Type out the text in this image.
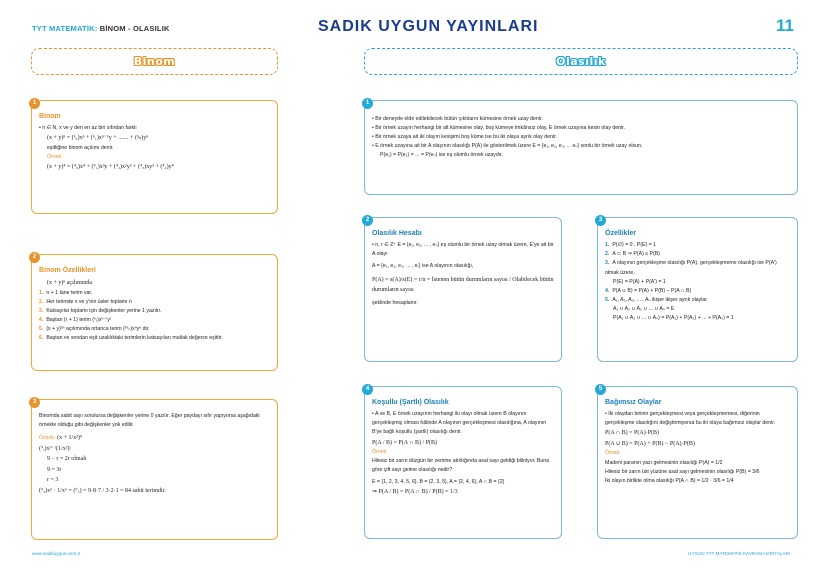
TYT MATEMATİK: BİNOM - OLASILIK	SADIK UYGUN YAYINLARI	11
Binom	Olasılık
1
Binom
• n ∈ N, x ve y den en az biri sıfırdan farklı
(x + y)ⁿ = (ⁿ₀)xⁿ + (ⁿ₁)xⁿ⁻¹y + ....... + (ⁿₙ)yⁿ
eşitliğine binom açılımı denir.
Örnek:
(x + y)⁴ = (⁴₀)x⁴ + (⁴₁)x³y + (⁴₂)x²y² + (⁴₃)xy³ + (⁴₄)y⁴
2
Binom Özellikleri
(x + y)ⁿ açılımında
1. n + 1 tane terim var.
2. Her terimde x ve y'nin üsler toplamı n
3. Katsayılar toplamı için değişkenler yerine 1 yazılır.
4. Baştan (r + 1) terim (ⁿᵣ)xⁿ⁻ʳyʳ
5. (x + y)²ⁿ açılımında ortanca terim (²ⁿₙ)xⁿyⁿ dir.
6. Baştan ve sondan eşit uzaklıktaki terimlerin katsayıları mutlak değerce eşittir.
3
Binomda sabit sayı sorulursa değişkenler yerine 0 yazılır. Eğer paydayı sıfır yapıyorsa aşağıdaki örnekte olduğu gibi değişkenler yok edilir.
Örnek: (x + 1/x²)⁹
(⁹ᵣ)x⁹⁻ʳ(1/x²)ʳ
9 − r = 2r olmalı
9 = 3r
r = 3
(⁹₃)x⁶ · 1/x⁶ = (⁹₃) = 9·8·7 / 3·2·1 = 84 sabit terimdir.
1
• Bir deneyde elde edilebilecek bütün çıktıların kümesine örnek uzay denir.
• Bir örnek uzayın herhangi bir alt kümesine olay, boş kümeye imkânsız olay, E örnek uzayına kesin olay denir.
• Bir örnek uzaya ait iki olayın kesişimi boş küme ise bu iki olaya ayrık olay denir.
• E örnek uzayına ait bir A olayının olasılığı P(A) ile gösterilmek üzere E = {e₁, e₂, e₃, ... eₙ} sonlu bir örnek uzay olsun.
P(e₁) = P(e₂) = ... = P(eₙ) ise eş olumlu örnek uzaydır.
2
Olasılık Hesabı
• n, r ∈ Z⁺ E = {e₁, e₂, ... , eₙ} eş olumlu bir örnek uzay olmak üzere, E'ye ait bir A olayı
A = {e₁, e₂, e₃, ... , eᵣ} ise A olayının olasılığı,
P(A) = s(A)/s(E) = r/n = İstenen bütün durumların sayısı / Olabilecek bütün durumların sayısı
şeklinde hesaplanır.
3
Özellikler
1. P(∅) = 0 , P(E) = 1
2. A ⊂ B ⇒ P(A) ≤ P(B)
3. A olayının gerçekleşme olasılığı P(A), gerçekleşmeme olasılığı ise P(A') olmak üzere,
P(E) = P(A) + P(A') = 1
4. P(A ∪ B) = P(A) + P(B) − P(A ∩ B)
5. A₁, A₂, A₃, ... , Aₙ ikişer ikişer ayrık olaylar
A₁ ∪ A₂ ∪ A₃ ∪ ... ∪ Aₙ = E
P(A₁ ∪ A₂ ∪ ... ∪ Aₙ) = P(A₁) + P(A₂) + ... + P(Aₙ) = 1
4
Koşullu (Şartlı) Olasılık
• A ve B, E örnek uzayının herhangi iki olayı olmak üzere B olayının gerçekleşmiş olması hâlinde A olayının gerçekleşmesi olasılığına, A olayının B'ye bağlı koşullu (şartlı) olasılığı denir.
P(A / B) = P(A ∩ B) / P(B)
Örnek:
Hilesiz bir zarın düzgün bir zemine atıldığında asal sayı geldiği biliniyor. Buna göre çift sayı gelme olasılığı nedir?
E = {1, 2, 3, 4, 5, 6}, B = {2, 3, 5}, A = {2, 4, 6}, A ∩ B = {2}
⇒ P(A / B) = P(A ∩ B) / P(B) = 1/3
5
Bağımsız Olaylar
• İki olaydan birinin gerçekleşmesi veya gerçekleşmemesi, diğerinin gerçekleşme olasılığını değiştirmiyorsa bu iki olaya bağımsız olaylar denir.
P(A ∩ B) = P(A)·P(B)
P(A ∪ B) = P(A) + P(B) − P(A)·P(B)
Örnek:
Madeni paranın yazı gelmesinin olasılığı P(A) = 1/2
Hilesiz bir zarın üst yüzüne asal sayı gelmesinin olasılığı P(B) = 3/6
İki olayın birlikte olma olasılığı P(A ∩ B) = 1/2 · 3/6 = 1/4
www.sadikuygun.com.tr	UYGUN TYT MATEMATİK KAVRAM HARİTALARI
